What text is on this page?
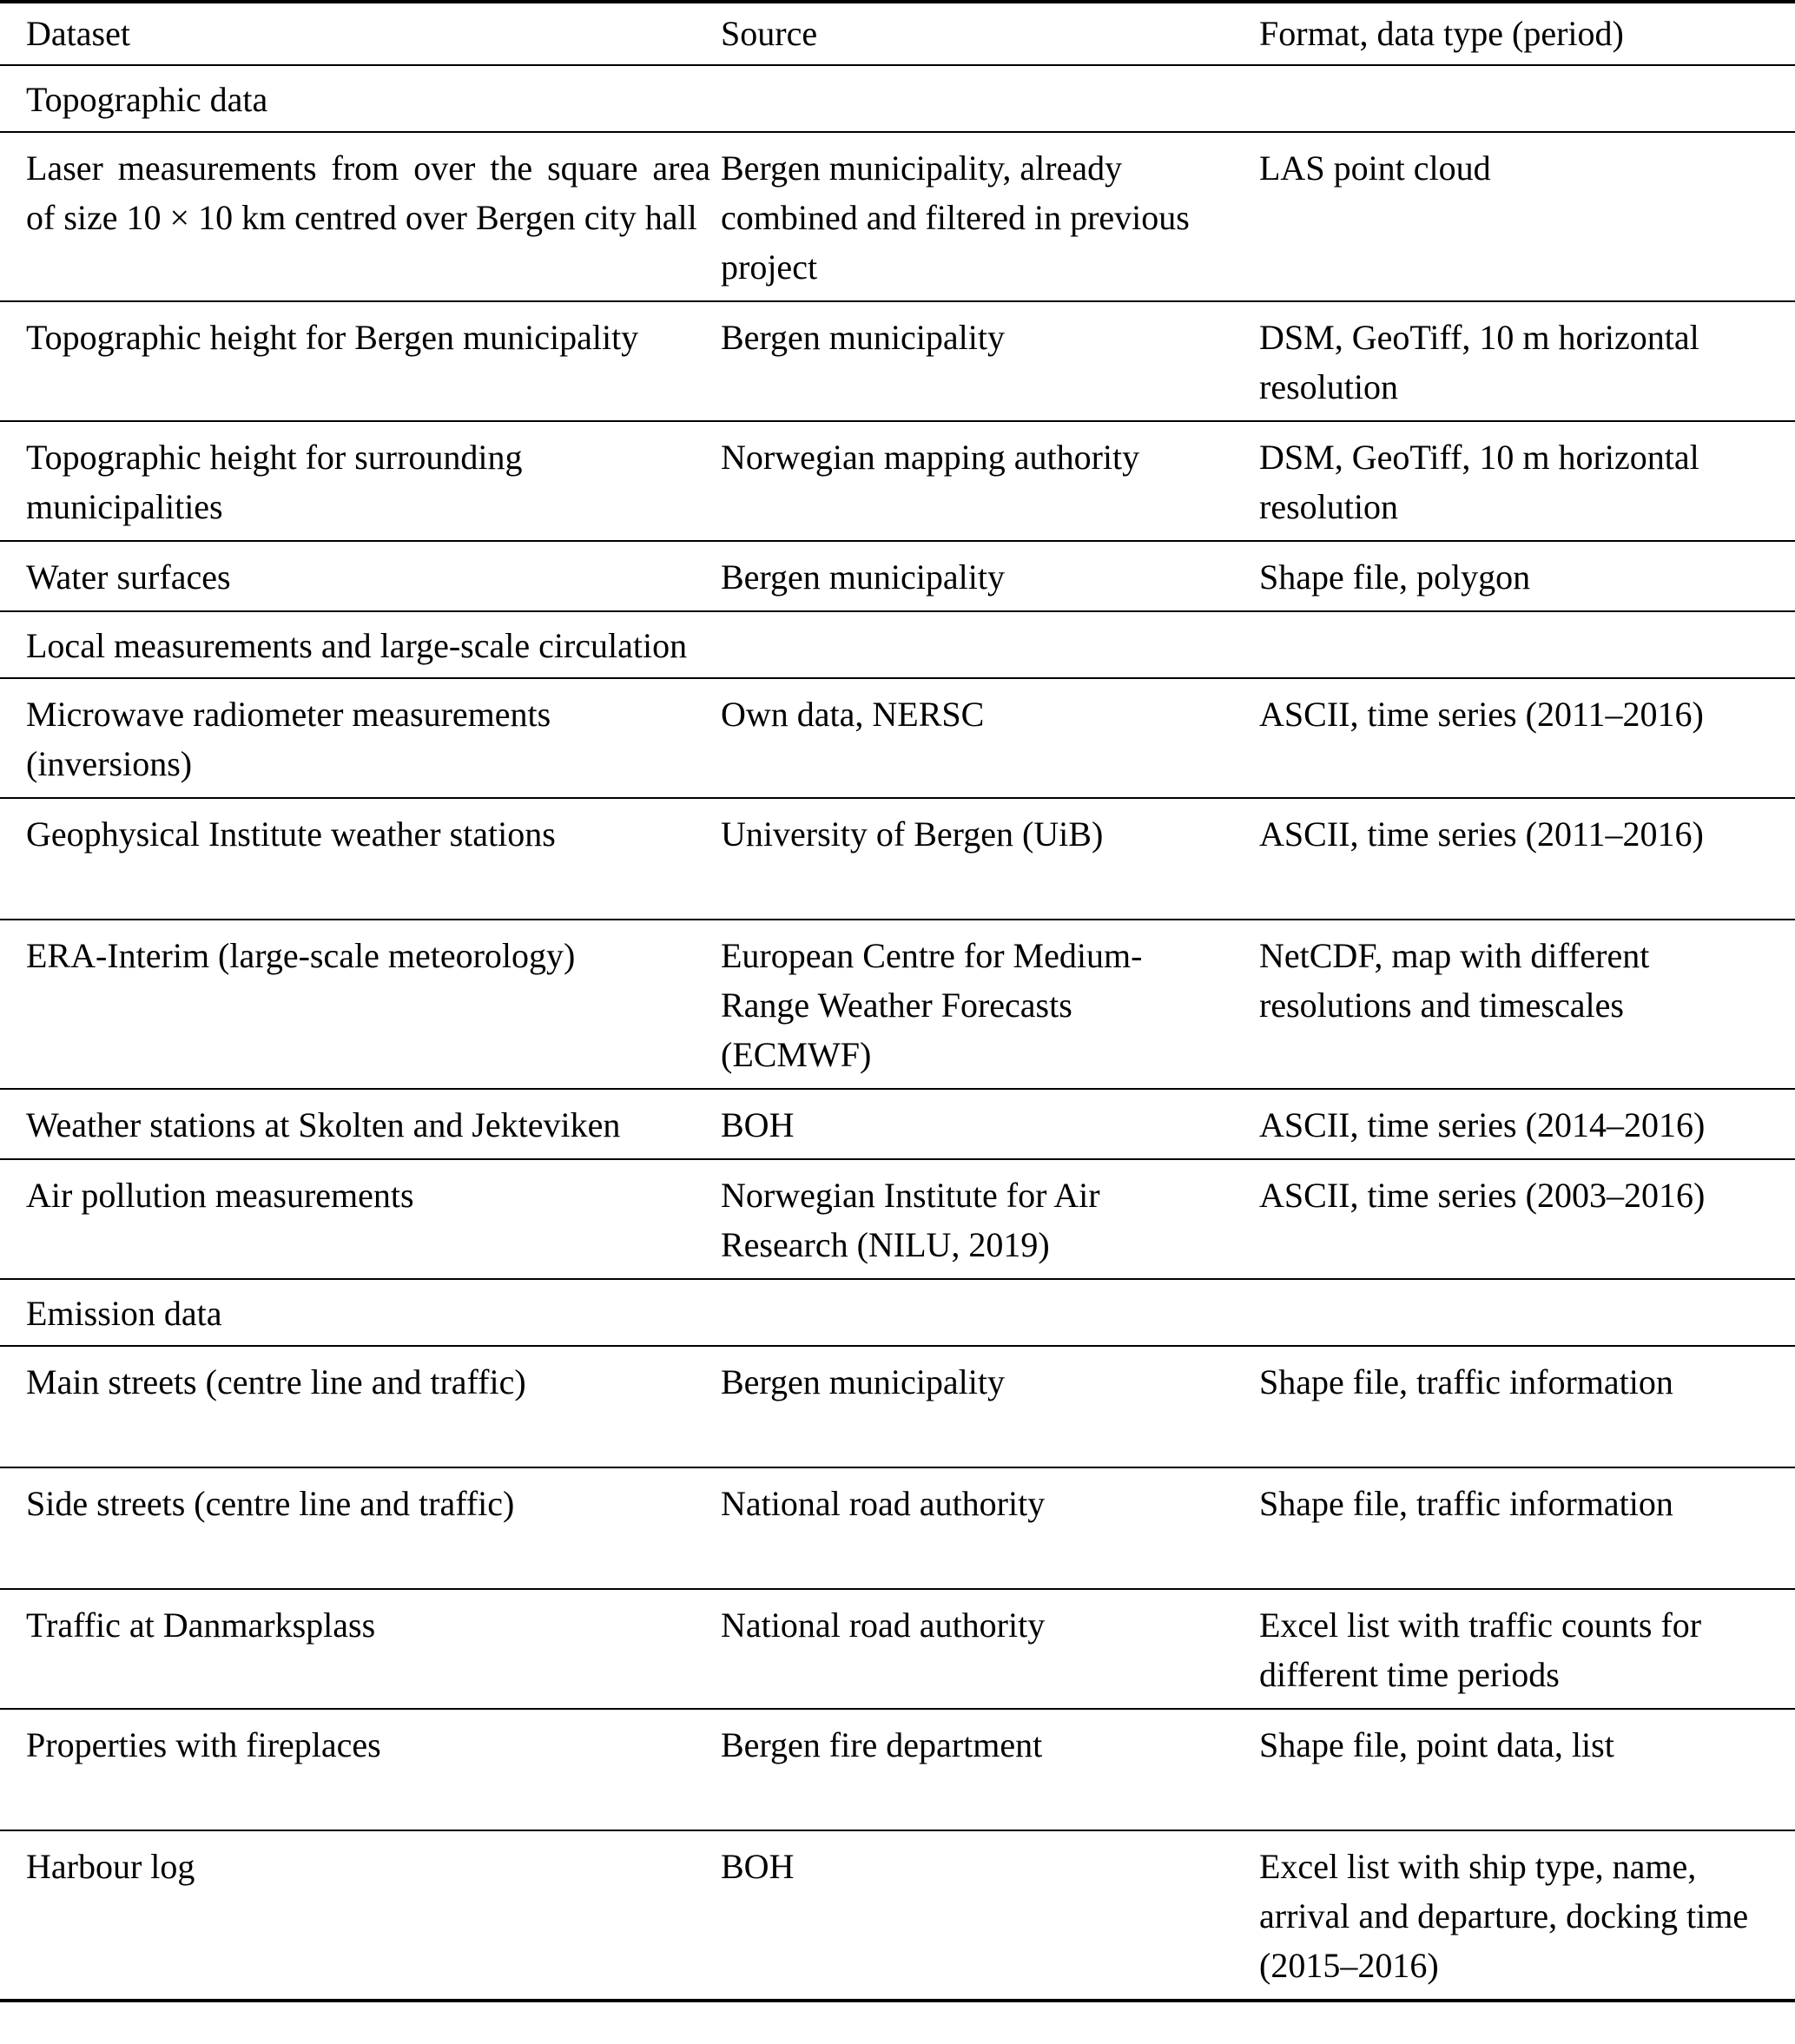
Dataset	Source	Format, data type (period)
Topographic data		
Laser measurements from over the square area of size 10 × 10 km centred over Bergen city hall	Bergen municipality, already combined and filtered in previous project	LAS point cloud
Topographic height for Bergen municipality	Bergen municipality	DSM, GeoTiff, 10 m horizontal resolution
Topographic height for surrounding municipalities	Norwegian mapping authority	DSM, GeoTiff, 10 m horizontal resolution
Water surfaces	Bergen municipality	Shape file, polygon
Local measurements and large-scale circulation		
Microwave radiometer measurements (inversions)	Own data, NERSC	ASCII, time series (2011–2016)
Geophysical Institute weather stations	University of Bergen (UiB)	ASCII, time series (2011–2016)
ERA-Interim (large-scale meteorology)	European Centre for Medium-Range Weather Forecasts (ECMWF)	NetCDF, map with different resolutions and timescales
Weather stations at Skolten and Jekteviken	BOH	ASCII, time series (2014–2016)
Air pollution measurements	Norwegian Institute for Air Research (NILU, 2019)	ASCII, time series (2003–2016)
Emission data		
Main streets (centre line and traffic)	Bergen municipality	Shape file, traffic information
Side streets (centre line and traffic)	National road authority	Shape file, traffic information
Traffic at Danmarksplass	National road authority	Excel list with traffic counts for different time periods
Properties with fireplaces	Bergen fire department	Shape file, point data, list
Harbour log	BOH	Excel list with ship type, name, arrival and departure, docking time (2015–2016)
